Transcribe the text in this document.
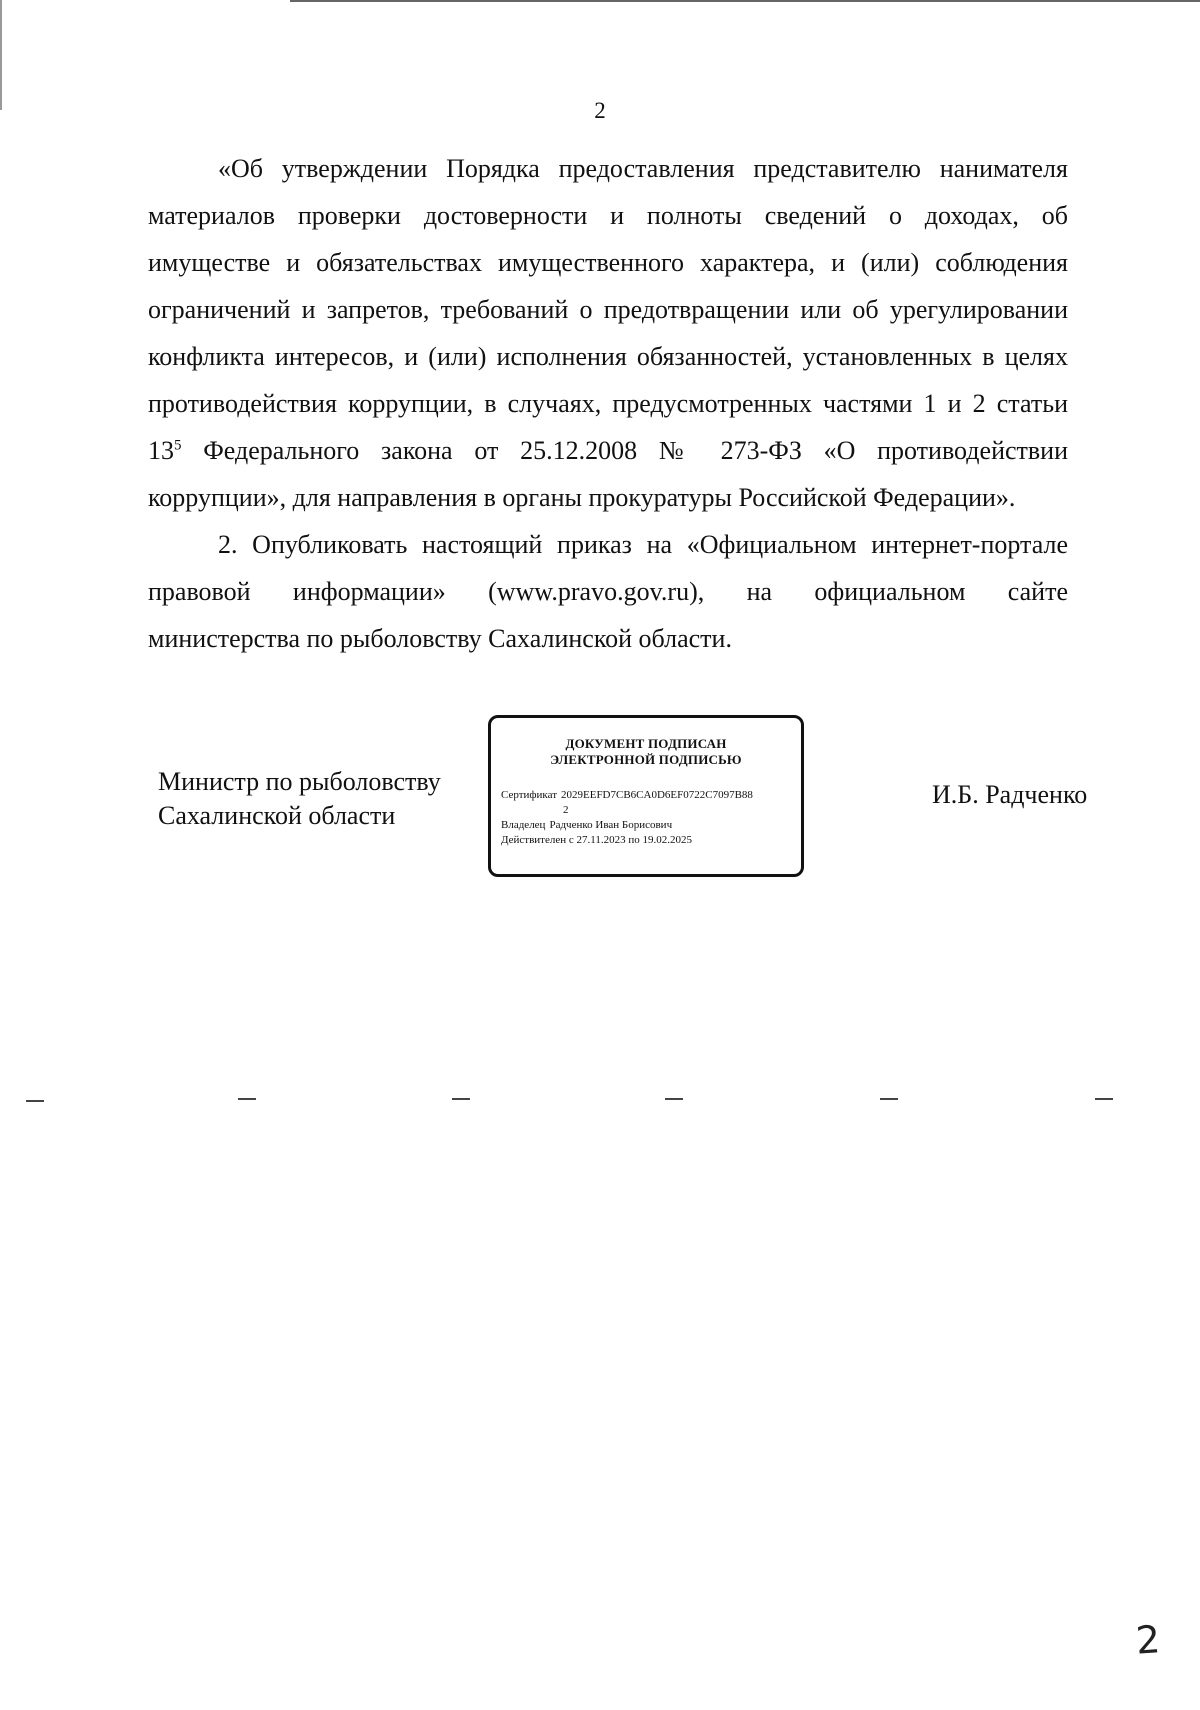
2
«Об утверждении Порядка предоставления представителю нанимателя
материалов проверки достоверности и полноты сведений о доходах, об
имуществе и обязательствах имущественного характера, и (или) соблюдения
ограничений и запретов, требований о предотвращении или об урегулировании
конфликта интересов, и (или) исполнения обязанностей, установленных в целях
противодействия коррупции, в случаях, предусмотренных частями 1 и 2 статьи
$13^5$ Федерального закона от 25.12.2008 № 273-ФЗ «О противодействии
коррупции», для направления в органы прокуратуры Российской Федерации».
2. Опубликовать настоящий приказ на «Официальном интернет-портале
правовой информации» (www.pravo.gov.ru), на официальном сайте
министерства по рыболовству Сахалинской области.
Министр по рыболовству
Сахалинской области
ДОКУМЕНТ ПОДПИСАН
ЭЛЕКТРОННОЙ ПОДПИСЬЮ
Сертификат 2029EEFD7CB6CA0D6EF0722C7097B88
2
Владелец Радченко Иван Борисович
Действителен с 27.11.2023 по 19.02.2025
И.Б. Радченко
2
